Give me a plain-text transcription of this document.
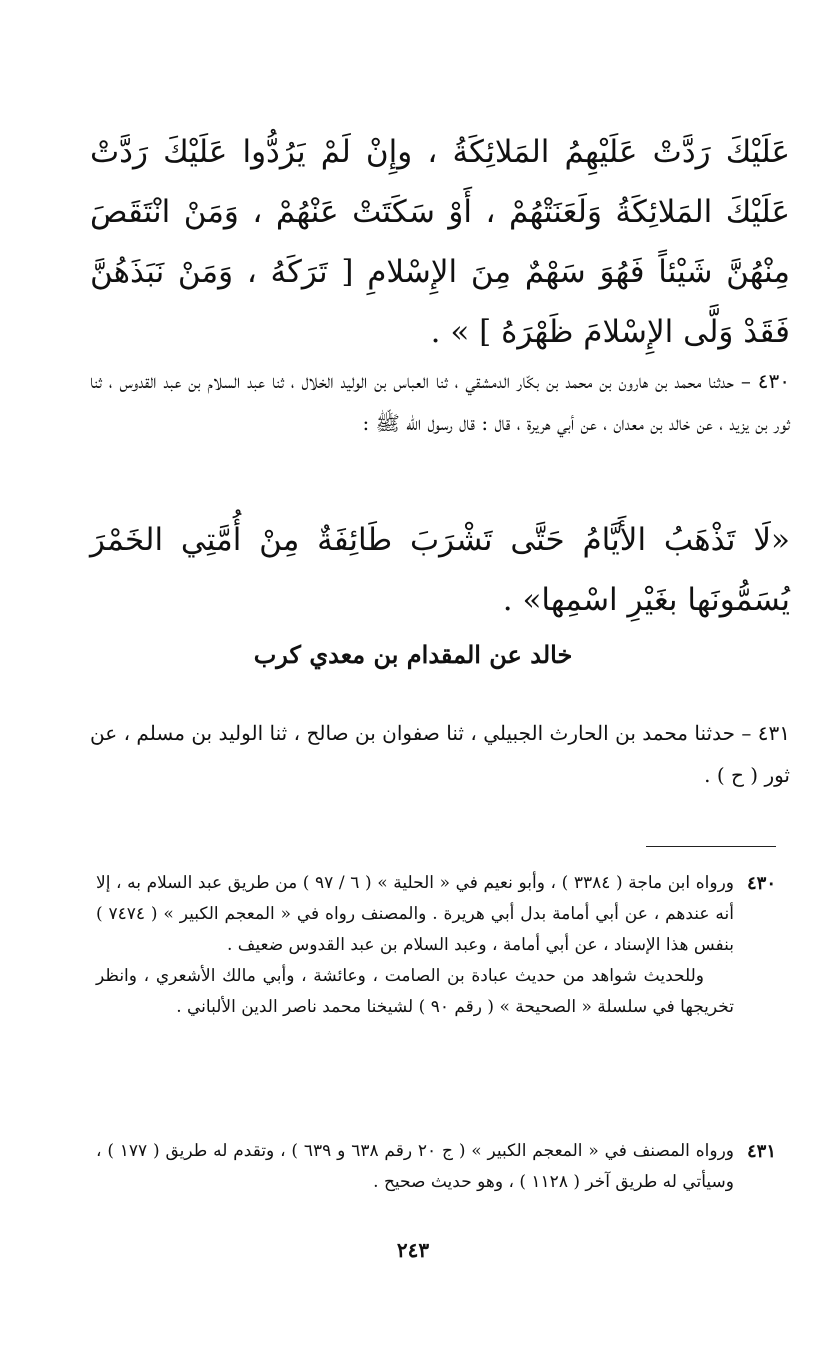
عَلَيْكَ رَدَّتْ عَلَيْهِمُ المَلائِكَةُ ، وإِنْ لَمْ يَرُدُّوا عَلَيْكَ رَدَّتْ عَلَيْكَ المَلائِكَةُ وَلَعَنَتْهُمْ ، أَوْ سَكَتَتْ عَنْهُمْ ، وَمَنْ انْتَقَصَ مِنْهُنَّ شَيْئاً فَهُوَ سَهْمٌ مِنَ الإِسْلامِ [ تَرَكَهُ ، وَمَنْ نَبَذَهُنَّ فَقَدْ وَلَّى الإِسْلامَ ظَهْرَهُ ] » .
٤٣٠ – حدثنا محمد بن هارون بن محمد بن بكّار الدمشقي ، ثنا العباس بن الوليد الخلال ، ثنا عبد السلام بن عبد القدوس ، ثنا ثور بن يزيد ، عن خالد بن معدان ، عن أبي هريرة ، قال : قال رسول الله ﷺ :
«لَا تَذْهَبُ الأَيَّامُ حَتَّى تَشْرَبَ طَائِفَةٌ مِنْ أُمَّتِي الخَمْرَ يُسَمُّونَها بغَيْرِ اسْمِها» .
خالد عن المقدام بن معدي كرب
٤٣١ – حدثنا محمد بن الحارث الجبيلي ، ثنا صفوان بن صالح ، ثنا الوليد بن مسلم ، عن ثور ( ح ) .
٤٣٠

ورواه ابن ماجة ( ٣٣٨٤ ) ، وأبو نعيم في « الحلية » ( ٦ / ٩٧ ) من طريق عبد السلام به ، إلا أنه عندهم ، عن أبي أمامة بدل أبي هريرة . والمصنف رواه في « المعجم الكبير » ( ٧٤٧٤ ) بنفس هذا الإسناد ، عن أبي أمامة ، وعبد السلام بن عبد القدوس ضعيف .

وللحديث شواهد من حديث عبادة بن الصامت ، وعائشة ، وأبي مالك الأشعري ، وانظر تخريجها في سلسلة « الصحيحة » ( رقم ٩٠ ) لشيخنا محمد ناصر الدين الألباني .

٤٣١

ورواه المصنف في « المعجم الكبير » ( ج ٢٠ رقم ٦٣٨ و ٦٣٩ ) ، وتقدم له طريق ( ١٧٧ ) ، وسيأتي له طريق آخر ( ١١٢٨ ) ، وهو حديث صحيح .

٢٤٣
